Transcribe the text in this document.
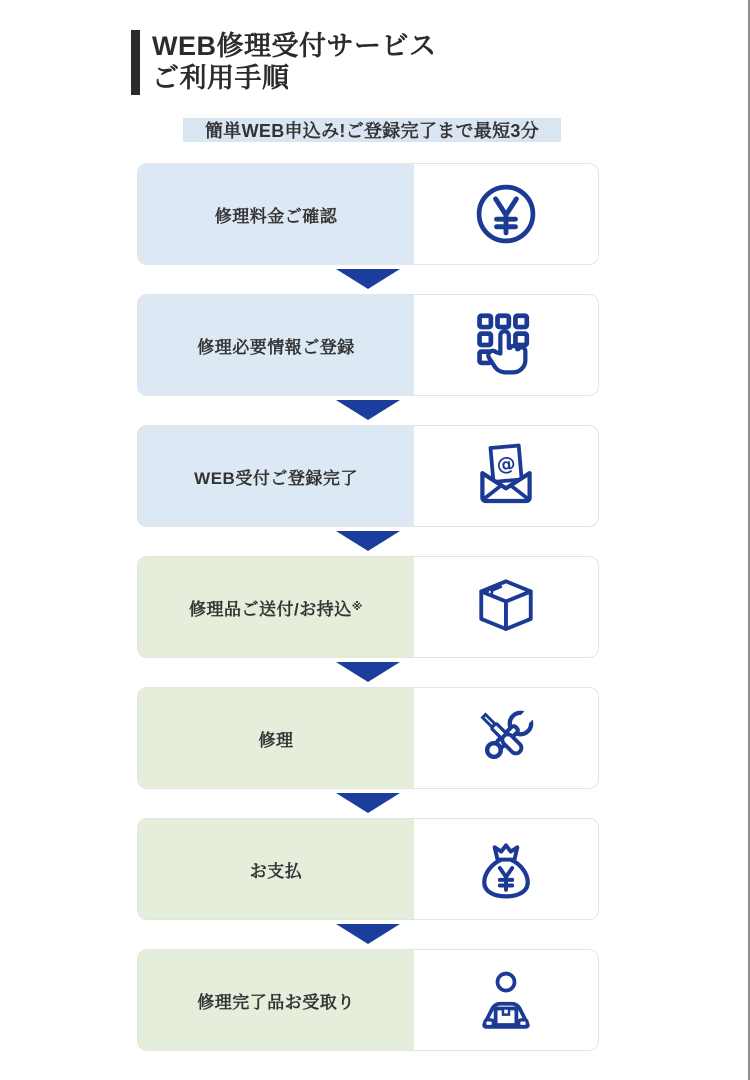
WEB修理受付サービス
ご利用手順
簡単WEB申込み!ご登録完了まで最短3分
修理料金ご確認
修理必要情報ご登録
WEB受付ご登録完了
@
修理品ご送付/お持込 ※
修理
お支払
修理完了品お受取り
